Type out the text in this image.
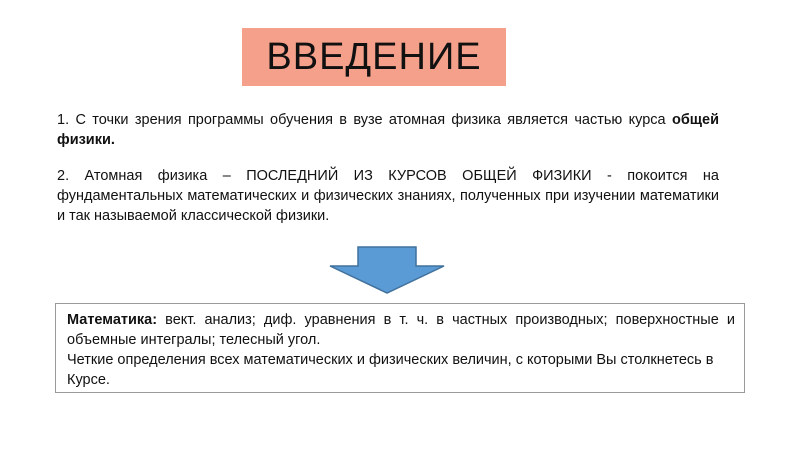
ВВЕДЕНИЕ
1. С точки зрения программы обучения в вузе атомная физика является частью курса общей физики.
2. Атомная физика – ПОСЛЕДНИЙ ИЗ КУРСОВ ОБЩЕЙ ФИЗИКИ - покоится на фундаментальных математических и физических знаниях, полученных при изучении математики и так называемой классической физики.
Математика: вект. анализ; диф. уравнения в т. ч. в частных производных; поверхностные и объемные интегралы; телесный угол.
Четкие определения всех математических и физических величин, с которыми Вы столкнетесь в Курсе.
